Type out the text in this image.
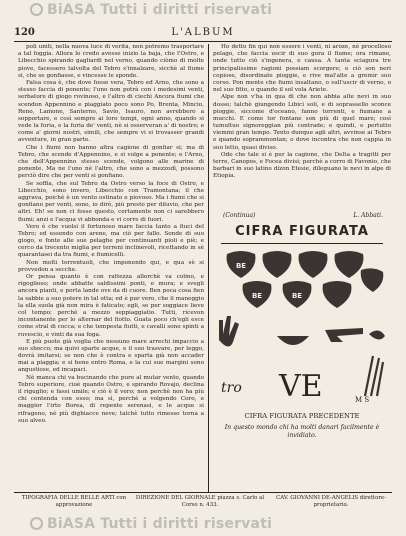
BiASA Tutti i diritti riservati
120	L'ALBUM

poli uniti, nella nuova luce di verità, non potremo trasportare a tal foggia. Allora lo credo avesse inizio la baja, che l'Ostro, e Libecchio spirando gagliardi nel verno, quando ciòmo di molte piove, facessero talvolta del Tebro s'innalzare, sicchè al fiume si, che se gonfiasse, e vincesse le sponde.

Falsa cosa è, che dove fosse vera, Tebro ed Arno, che sono a stesso faccia di ponente; l'uno non potrà con i medesimi venti, serbatore di giogo rovinoso, e l'altro di ciechi Ancora fiumi che scendon Appennino e piaggiato poco sono Po, Brenta, Mincio, Reno, Lamone, Santerno, Savio, Isauro, non avrebbero a sopportare, e così sempre ai loro tempi, ogni anno, quando si vede la furia, e la furia de' venti, nè si osserveran a' di nostro; e come a' giorni nostri, simili, che sempre vi si trovasser grandi avventure, in gran parte.

Che i fiumi non hanno altra cagione di gonfiar si; ma di Tebro, che scende d'Appennino, e si volge a ponente; e l'Arno, che dell'Appennino stesso scende, volgono alle marine di ponente. Ma ne l'uno nè l'altro, che sono a mezzodì, possono perciò dire che per venti si gonfiano.

Se soffia, che sul Tebro da Ostro verso la foce di Ostro, e Libecchio, sono invero, Libecchio con Tramontana; il che aggrava, poichè è un vento ostinato e piovoso. Ma i fiumi che si gonfiano per venti, sono, io dirò, più presto per diluvio, che per altri. Eh! se non ci fosse questo, certamente non ci sarebbero fiumi; anzi e l'acqua vi abbonda e vi corre di fuori.

Vero è che vuolsi il fortunoso mare faccia tanto a fiuci del Tebro; ed essendo con arene, ma ciò per fallo. Sonde di suo giogo, e fonte alle sue pelaghe per continuanti pioli e piè; e cerco da trecento miglia per terreni inclinevoli, ricettando in sè quarantasei da tra fiumi, e fiumicelli.

Non molti torrentuoli, che imponendo qui, e qua sè si provvedon a secche.

Or pensa quanto è con rattezza allorchè va colmo, e rigoglioso; onde abbatte saldissimi ponti, e mura; e svegli ancora pianti, e porta lande ove da di cuore. Ben poca cosa fien la sabbie a suo potere in tal otta; ed è pur vero, che il maneggio la ella suola già non mira è faticato; egli, se per soggiace lieve col tempo; perchè a mezzo seppiaggiatio. Tutti, ricevon incontanente per lo alternar del fiotto. Guata poco ch'egli esce come stral di cocca; e che tempesta fiutti, e cavalli sono spinti a ruvescio, e vinti da sua foga.

E più puote già voglia che nessuno mare arrechi impaccio a suo sbocco; ma quivi sparte acque, e il suo trasvare, per leggo, dovrà imitarsi; se non che è contra e sparta già non accader mai a piaggia; e si bene entro Roma, e la cui sue margini sono angustiose, ed incapaci.

Nè manca chi va bucinando che pure al mutar vento, quando Tebro superiore, cioè quando Ostro, e spirando Rovajo, declina il riguglio; e fassi umile; e ciò è il vero; non perchè non ha più chi contenda con esso; ma sì, perchè a volgendo Coro, e maggior l'irto Borea, di repente serenasi, e le acque si rifrageno, nè più dighiacce neve; talchè tutto rimesso torna a suo alveo.

Ho detto fin qui non essere i venti, ni aroze, nè procelloso pelago, che faccia uscir di suo gora il fiume; ora rimane, onde tutto ciò s'ingenera, e causa. A tanta sciagura tre principalissime ragioni possiam scorgere; e ciò son neri copiose, disordinate pioggie, e rive mal'alte a gremir suo corso. Pon mente che fiumi insaltano, o sull'uscir di verno, o nel suo fitto, o quando il sol vola Ariete.

Alpe non v'ha in qua di che non abbia alte nevi in suo dosso; talchè giungendo Libici soli, e di soprassello sconce pioggie, siccome d'oceano, fanno torrenti, e fiumane a mucchi. E come tor fontane son più di quel mare; così tumultuo signoreggian più contrade; e quindi, e pertutto viemmi gran tempo. Tento dunque agli altri, avvinse ai Tebro e quando soprammontan; o dove incontra che non cappia in suo letto, quasi diviso.

Odo che tale si è pur la cagione, che Delta a tragitti per terre, Canopos, e Focea divisi; perchè a corro di Favonio, che barbari in suo latino dizon Etesie, dileguano le nevi in alpe di Etiopia.

(Continua)	L. Abbati.
CIFRA FIGURATA
BE
BE	BE
tro VE	M S
CIFRA FIGURATA PRECEDENTE
In questo mondo chi ha molti danari facilmente è invidiato.
TIPOGRAFIA DELLE BELLE ARTI con approvazione
DIREZIONE DEL GIORNALE piazza s. Carlo al Corso n. 433.
CAV. GIOVANNI DE-ANGELIS direttore-proprietario.
BiASA Tutti i diritti riservati
